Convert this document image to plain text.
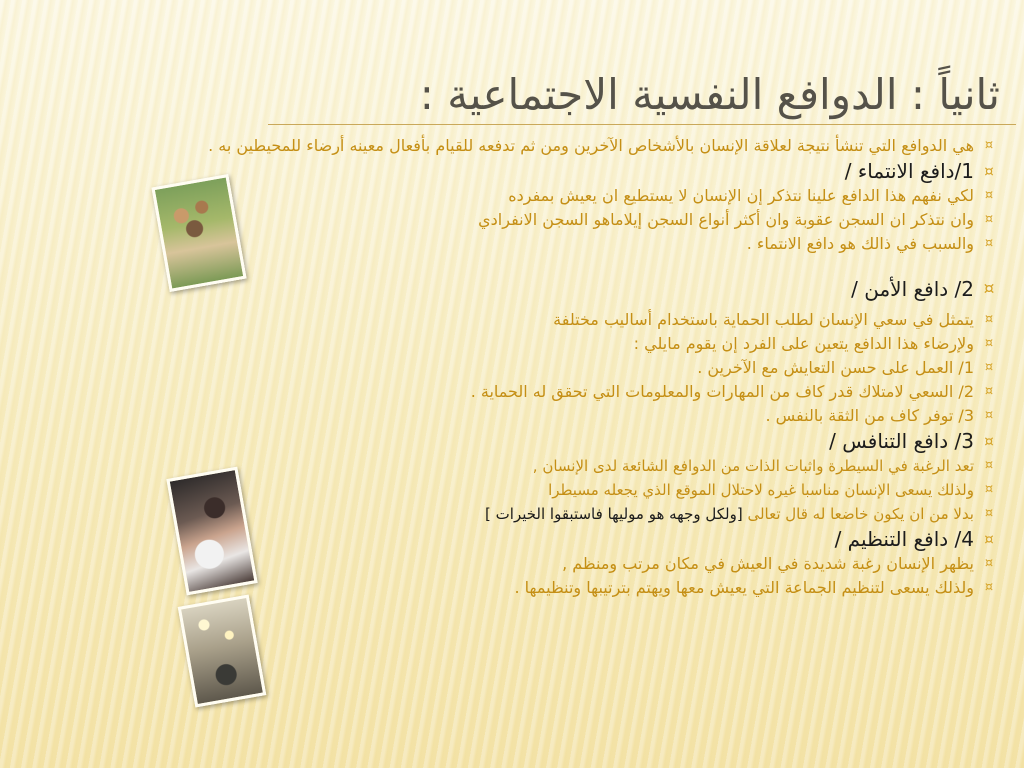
ثانياً : الدوافع النفسية الاجتماعية :
¤
هي الدوافع التي تنشأ نتيجة لعلاقة الإنسان بالأشخاص الآخرين ومن ثم تدفعه للقيام بأفعال معينه أرضاء للمحيطين به .
¤
1/دافع الانتماء /
¤
لكي نفهم هذا الدافع علينا نتذكر إن الإنسان لا يستطيع ان يعيش بمفرده
¤
وان نتذكر ان السجن عقوبة وان أكثر أنواع السجن إيلاماهو السجن الانفرادي
¤
والسبب في ذالك هو دافع الانتماء .
¤
2/ دافع الأمن /
¤
يتمثل في سعي الإنسان لطلب الحماية باستخدام أساليب مختلفة
¤
ولإرضاء هذا الدافع يتعين على الفرد إن يقوم مايلي :
¤
1/ العمل على حسن التعايش مع الآخرين .
¤
2/ السعي لامتلاك قدر كاف من المهارات والمعلومات التي تحقق له الحماية .
¤
3/ توفر كاف من الثقة بالنفس .
¤
3/ دافع التنافس /
¤
تعد الرغبة في السيطرة واثبات الذات من الدوافع الشائعة لدى الإنسان ,
¤
ولذلك يسعى الإنسان مناسبا غيره لاحتلال الموقع الذي يجعله مسيطرا
¤
بدلا من ان يكون خاضعا له قال تعالى [ولكل وجهه هو موليها فاستبقوا الخيرات ]
¤
4/ دافع التنظيم /
¤
يظهر الإنسان رغبة شديدة في العيش في مكان مرتب ومنظم ,
¤
ولذلك يسعى لتنظيم الجماعة التي يعيش معها ويهتم بترتيبها وتنظيمها .
